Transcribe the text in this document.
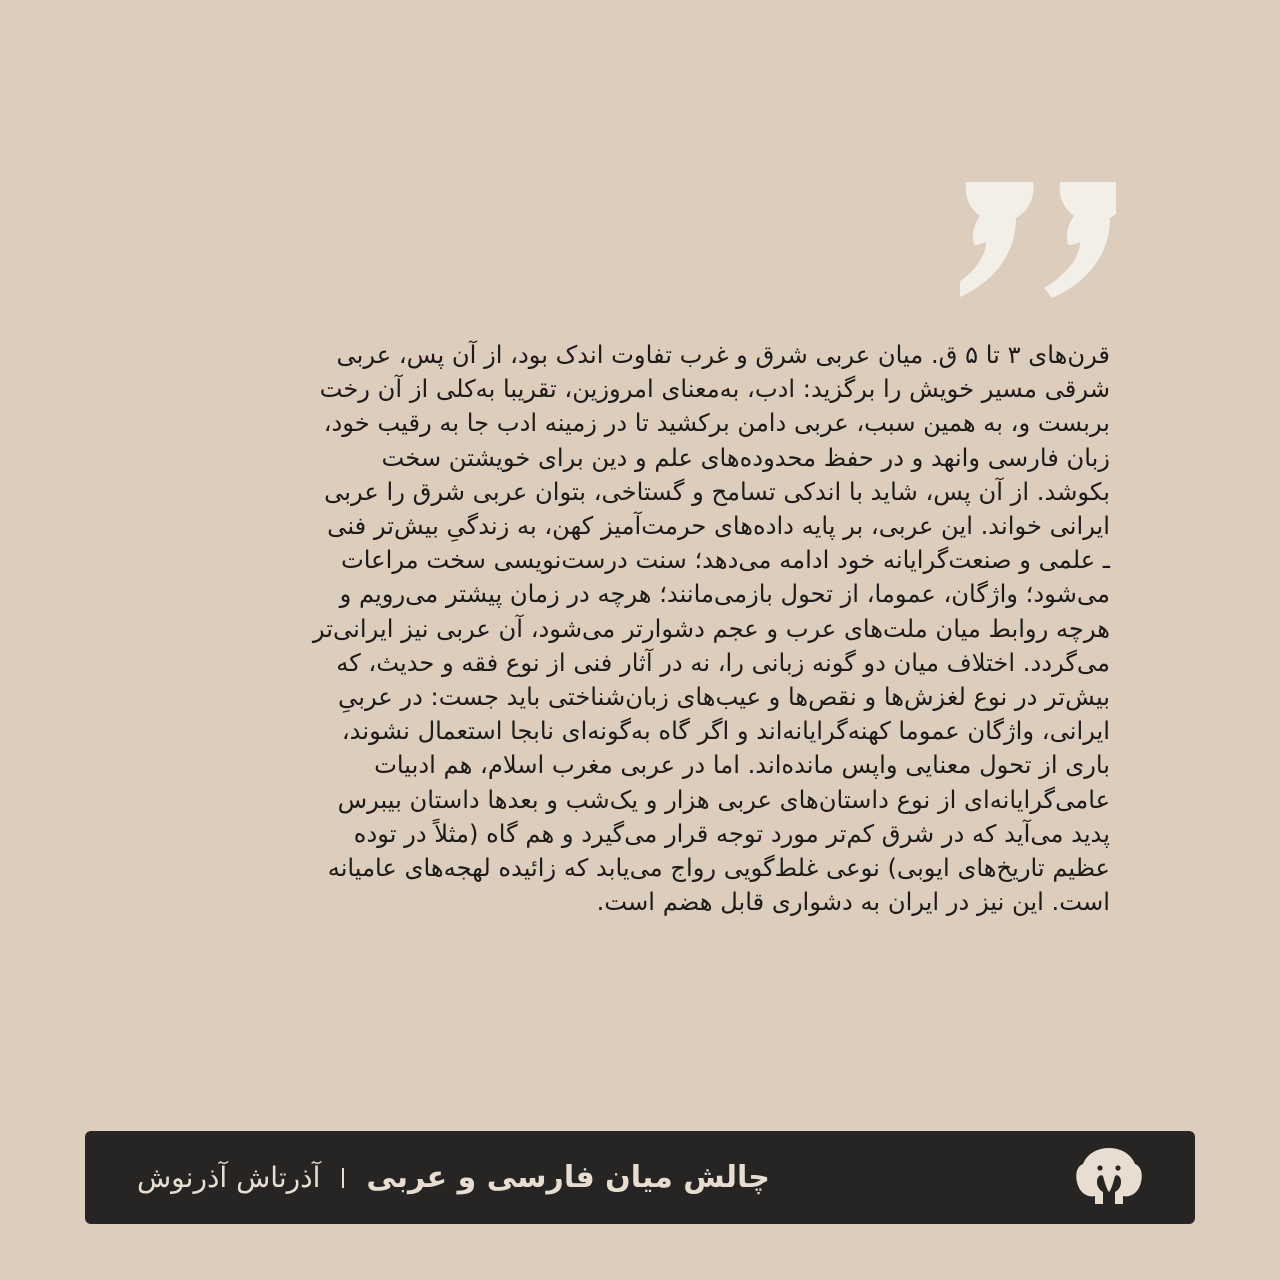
قرن‌های ۳ تا ۵ ق. میان عربی شرق و غرب تفاوت اندک بود، از آن پس، عربی
شرقی مسیر خویش را برگزید: ادب، به‌معنای امروزین، تقریبا به‌کلی از آن رخت
بربست و، به همین سبب، عربی دامن برکشید تا در زمینه ادب جا به رقیب خود،
زبان فارسی وانهد و در حفظ محدوده‌های علم و دین برای خویشتن سخت
بکوشد. از آن پس، شاید با اندکی تسامح و گستاخی، بتوان عربی شرق را عربی
ایرانی خواند. این عربی، بر پایه داده‌های حرمت‌آمیز کهن، به زندگیِ بیش‌تر فنی
ـ علمی و صنعت‌گرایانه خود ادامه می‌دهد؛ سنت درست‌نویسی سخت مراعات
می‌شود؛ واژگان، عموما، از تحول بازمی‌مانند؛ هرچه در زمان پیشتر می‌رویم و
هرچه روابط میان ملت‌های عرب و عجم دشوارتر می‌شود، آن عربی نیز ایرانی‌تر
می‌گردد. اختلاف میان دو گونه زبانی را، نه در آثار فنی از نوع فقه و حدیث، که
بیش‌تر در نوع لغزش‌ها و نقص‌ها و عیب‌های زبان‌شناختی باید جست: در عربیِ
ایرانی، واژگان عموما کهنه‌گرایانه‌اند و اگر گاه به‌گونه‌ای نابجا استعمال نشوند،
باری از تحول معنایی واپس مانده‌اند. اما در عربی مغرب اسلام، هم ادبیات
عامی‌گرایانه‌ای از نوع داستان‌های عربی هزار و یک‌شب و بعدها داستان بیبرس
پدید می‌آید که در شرق کم‌تر مورد توجه قرار می‌گیرد و هم گاه (مثلاً در توده
عظیم تاریخ‌های ایوبی) نوعی غلط‌گویی رواج می‌یابد که زائیده لهجه‌های عامیانه
است. این نیز در ایران به دشواری قابل هضم است.

چالش میان فارسی و عربی
آذرتاش آذرنوش
